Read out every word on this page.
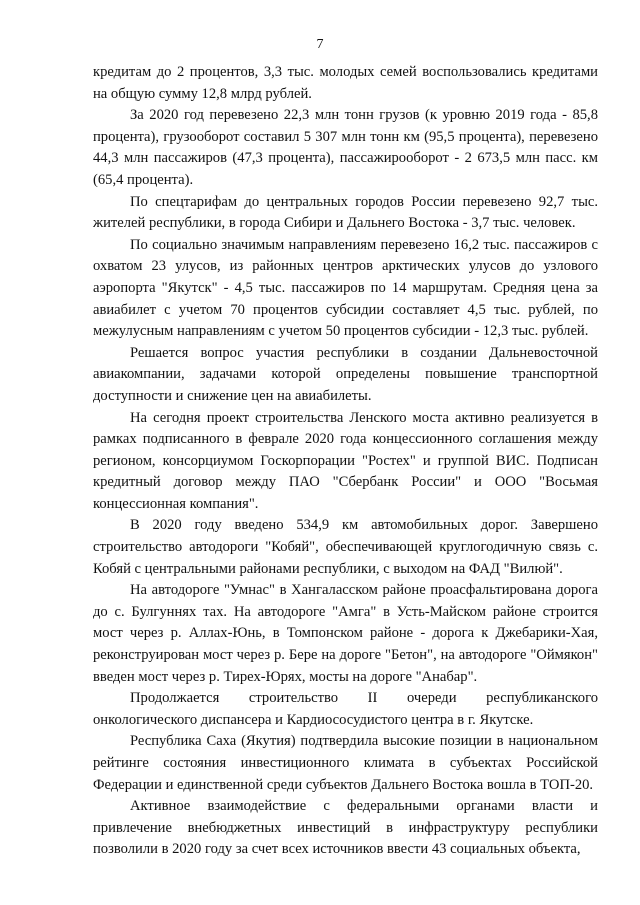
7

кредитам до 2 процентов, 3,3 тыс. молодых семей воспользовались кредитами на общую сумму 12,8 млрд рублей.

За 2020 год перевезено 22,3 млн тонн грузов (к уровню 2019 года - 85,8 процента), грузооборот составил 5 307 млн тонн км (95,5 процента), перевезено 44,3 млн пассажиров (47,3 процента), пассажирооборот - 2 673,5 млн пасс. км (65,4 процента).

По спецтарифам до центральных городов России перевезено 92,7 тыс. жителей республики, в города Сибири и Дальнего Востока - 3,7 тыс. человек.

По социально значимым направлениям перевезено 16,2 тыс. пассажиров с охватом 23 улусов, из районных центров арктических улусов до узлового аэропорта "Якутск" - 4,5 тыс. пассажиров по 14 маршрутам. Средняя цена за авиабилет с учетом 70 процентов субсидии составляет 4,5 тыс. рублей, по межулусным направлениям с учетом 50 процентов субсидии - 12,3 тыс. рублей.

Решается вопрос участия республики в создании Дальневосточной авиакомпании, задачами которой определены повышение транспортной доступности и снижение цен на авиабилеты.

На сегодня проект строительства Ленского моста активно реализуется в рамках подписанного в феврале 2020 года концессионного соглашения между регионом, консорциумом Госкорпорации "Ростех" и группой ВИС. Подписан кредитный договор между ПАО "Сбербанк России" и ООО "Восьмая концессионная компания".

В 2020 году введено 534,9 км автомобильных дорог. Завершено строительство автодороги "Кобяй", обеспечивающей круглогодичную связь с. Кобяй с центральными районами республики, с выходом на ФАД "Вилюй".

На автодороге "Умнас" в Хангаласском районе проасфальтирована дорога до с. Булгуннях тах. На автодороге "Амга" в Усть-Майском районе строится мост через р. Аллах-Юнь, в Томпонском районе - дорога к Джебарики-Хая, реконструирован мост через р. Бере на дороге "Бетон", на автодороге "Оймякон" введен мост через р. Тирех-Юрях, мосты на дороге "Анабар".

Продолжается строительство II очереди республиканского онкологического диспансера и Кардиососудистого центра в г. Якутске.

Республика Саха (Якутия) подтвердила высокие позиции в национальном рейтинге состояния инвестиционного климата в субъектах Российской Федерации и единственной среди субъектов Дальнего Востока вошла в ТОП-20.

Активное взаимодействие с федеральными органами власти и привлечение внебюджетных инвестиций в инфраструктуру республики позволили в 2020 году за счет всех источников ввести 43 социальных объекта,
